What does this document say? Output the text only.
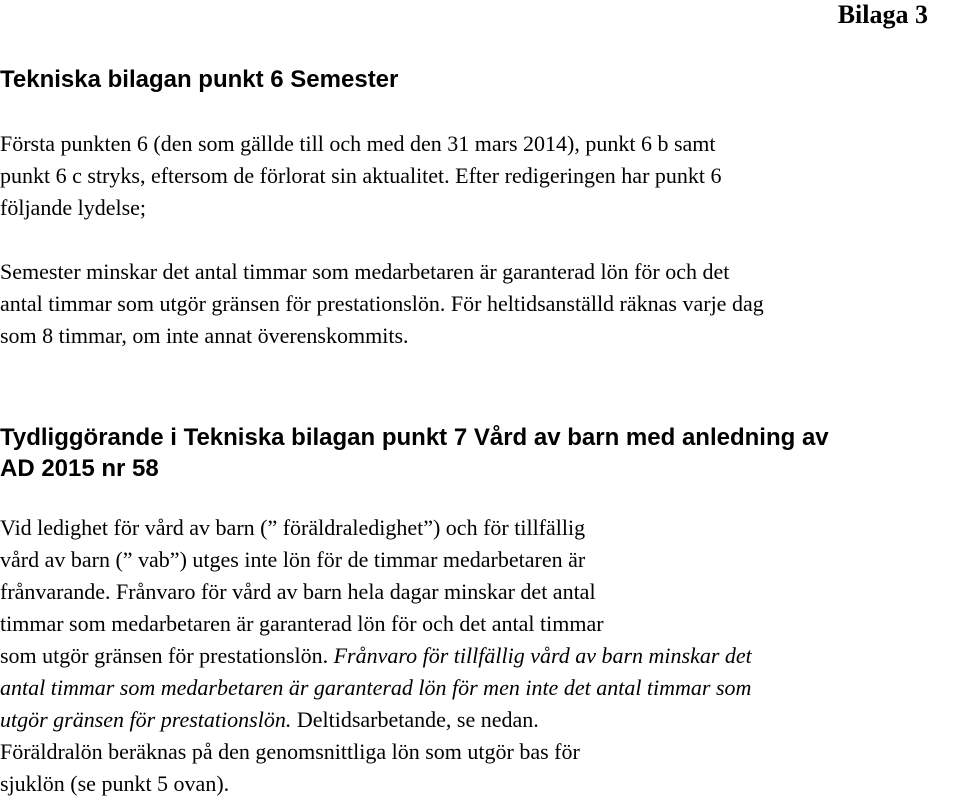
Bilaga 3
Tekniska bilagan punkt 6 Semester

Första punkten 6 (den som gällde till och med den 31 mars 2014), punkt 6 b samt
punkt 6 c stryks, eftersom de förlorat sin aktualitet. Efter redigeringen har punkt 6
följande lydelse;

Semester minskar det antal timmar som medarbetaren är garanterad lön för och det
antal timmar som utgör gränsen för prestationslön. För heltidsanställd räknas varje dag
som 8 timmar, om inte annat överenskommits.

Tydliggörande i Tekniska bilagan punkt 7 Vård av barn med anledning av
AD 2015 nr 58

Vid ledighet för vård av barn (” föräldraledighet”) och för tillfällig
vård av barn (” vab”) utges inte lön för de timmar medarbetaren är
frånvarande. Frånvaro för vård av barn hela dagar minskar det antal
timmar som medarbetaren är garanterad lön för och det antal timmar
som utgör gränsen för prestationslön. Frånvaro för tillfällig vård av barn minskar det
antal timmar som medarbetaren är garanterad lön för men inte det antal timmar som
utgör gränsen för prestationslön. Deltidsarbetande, se nedan.
Föräldralön beräknas på den genomsnittliga lön som utgör bas för
sjuklön (se punkt 5 ovan).
